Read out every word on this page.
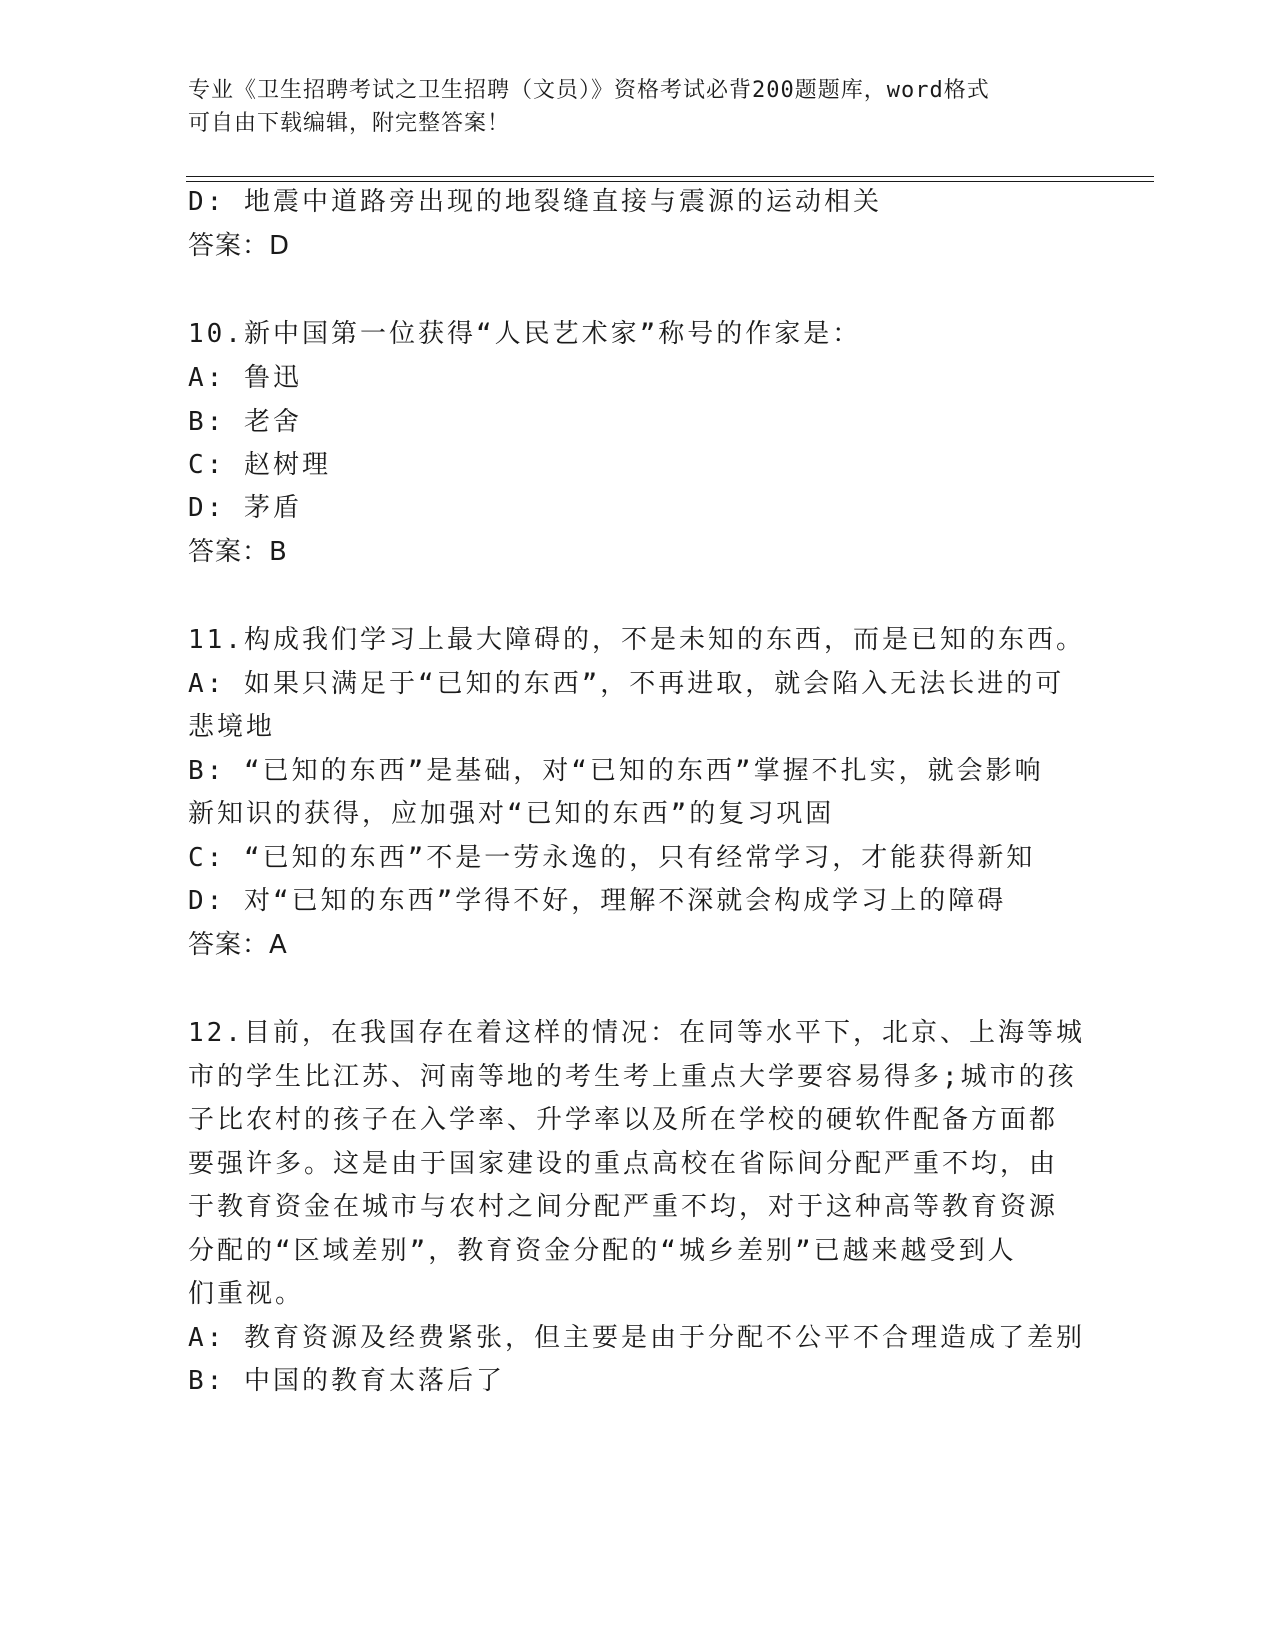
专业《卫生招聘考试之卫生招聘（文员）》资格考试必背200题题库，word格式
可自由下载编辑，附完整答案！
D: 地震中道路旁出现的地裂缝直接与震源的运动相关
答案：D
10.新中国第一位获得“人民艺术家”称号的作家是：
A: 鲁迅
B: 老舍
C: 赵树理
D: 茅盾
答案：B
11.构成我们学习上最大障碍的，不是未知的东西，而是已知的东西。
A: 如果只满足于“已知的东西”，不再进取，就会陷入无法长进的可
悲境地
B: “已知的东西”是基础，对“已知的东西”掌握不扎实，就会影响
新知识的获得，应加强对“已知的东西”的复习巩固
C: “已知的东西”不是一劳永逸的，只有经常学习，才能获得新知
D: 对“已知的东西”学得不好，理解不深就会构成学习上的障碍
答案：A
12.目前，在我国存在着这样的情况：在同等水平下，北京、上海等城
市的学生比江苏、河南等地的考生考上重点大学要容易得多;城市的孩
子比农村的孩子在入学率、升学率以及所在学校的硬软件配备方面都
要强许多。这是由于国家建设的重点高校在省际间分配严重不均，由
于教育资金在城市与农村之间分配严重不均，对于这种高等教育资源
分配的“区域差别”，教育资金分配的“城乡差别”已越来越受到人
们重视。
A: 教育资源及经费紧张，但主要是由于分配不公平不合理造成了差别
B: 中国的教育太落后了
